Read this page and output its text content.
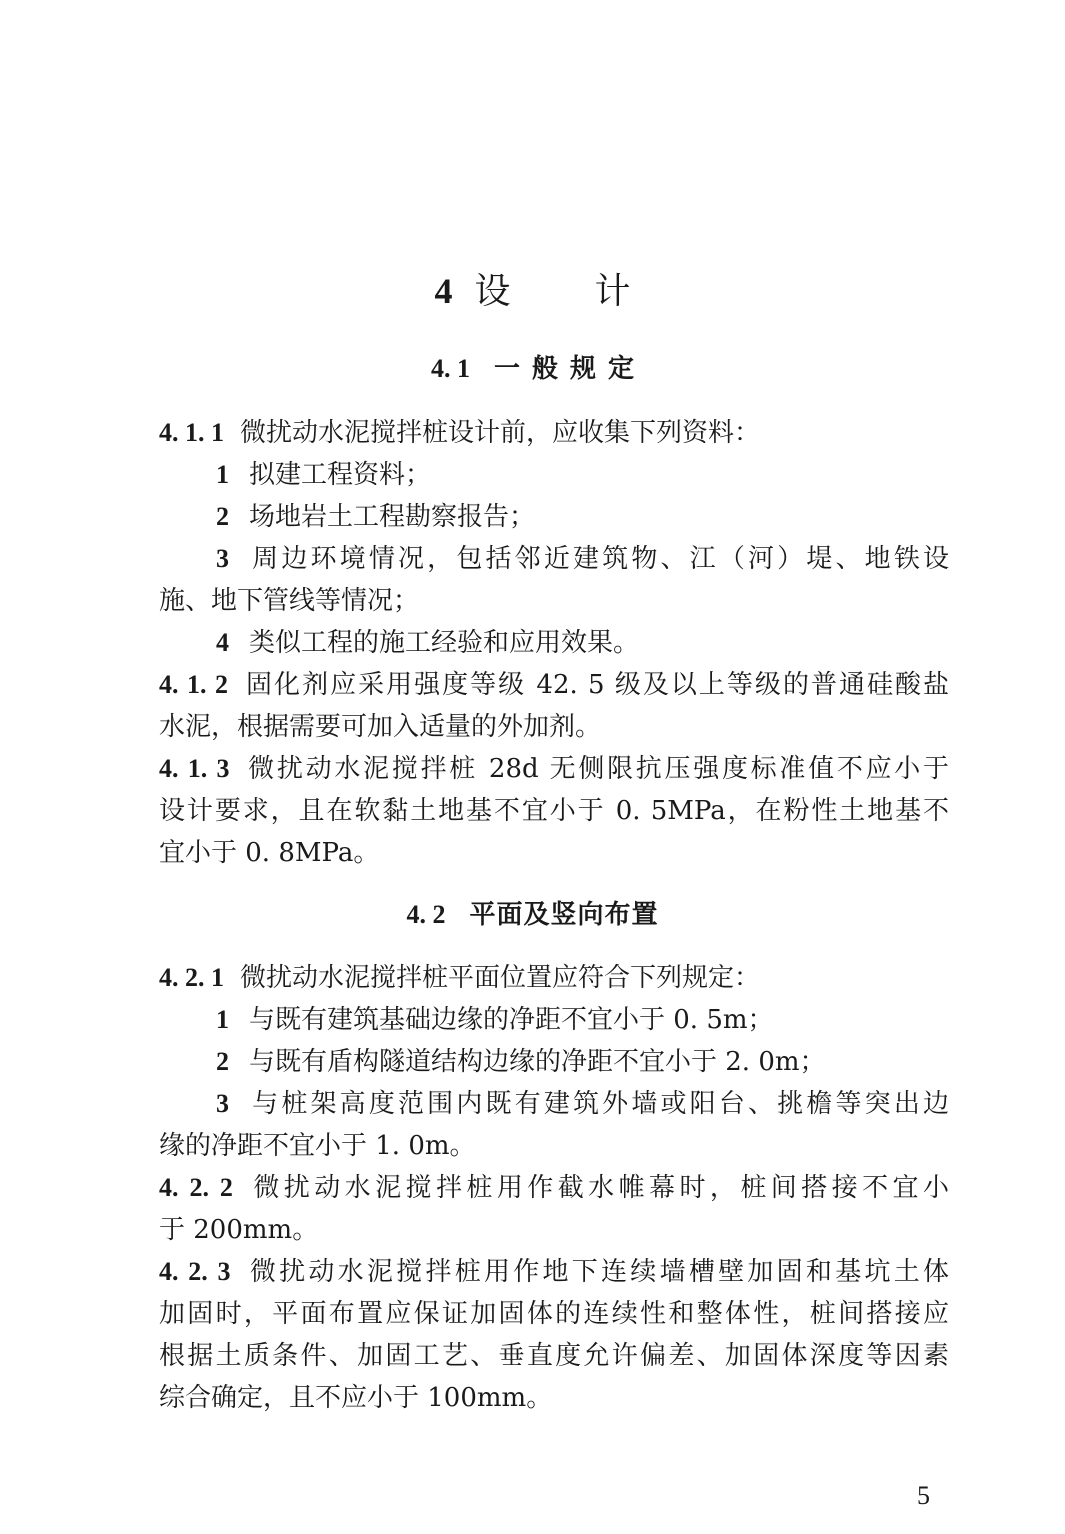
4 设计
4. 1 一般规定
4. 1. 1 微扰动水泥搅拌桩设计前，应收集下列资料：
1 拟建工程资料；
2 场地岩土工程勘察报告；
3 周边环境情况，包括邻近建筑物、江（河）堤、地铁设
施、地下管线等情况；
4 类似工程的施工经验和应用效果。
4. 1. 2 固化剂应采用强度等级 42. 5 级及以上等级的普通硅酸盐
水泥，根据需要可加入适量的外加剂。
4. 1. 3 微扰动水泥搅拌桩 28d 无侧限抗压强度标准值不应小于
设计要求，且在软黏土地基不宜小于 0. 5MPa，在粉性土地基不
宜小于 0. 8MPa。
4. 2 平面及竖向布置
4. 2. 1 微扰动水泥搅拌桩平面位置应符合下列规定：
1 与既有建筑基础边缘的净距不宜小于 0. 5m；
2 与既有盾构隧道结构边缘的净距不宜小于 2. 0m；
3 与桩架高度范围内既有建筑外墙或阳台、挑檐等突出边
缘的净距不宜小于 1. 0m。
4. 2. 2 微扰动水泥搅拌桩用作截水帷幕时，桩间搭接不宜小
于 200mm。
4. 2. 3 微扰动水泥搅拌桩用作地下连续墙槽壁加固和基坑土体
加固时，平面布置应保证加固体的连续性和整体性，桩间搭接应
根据土质条件、加固工艺、垂直度允许偏差、加固体深度等因素
综合确定，且不应小于 100mm。
5
